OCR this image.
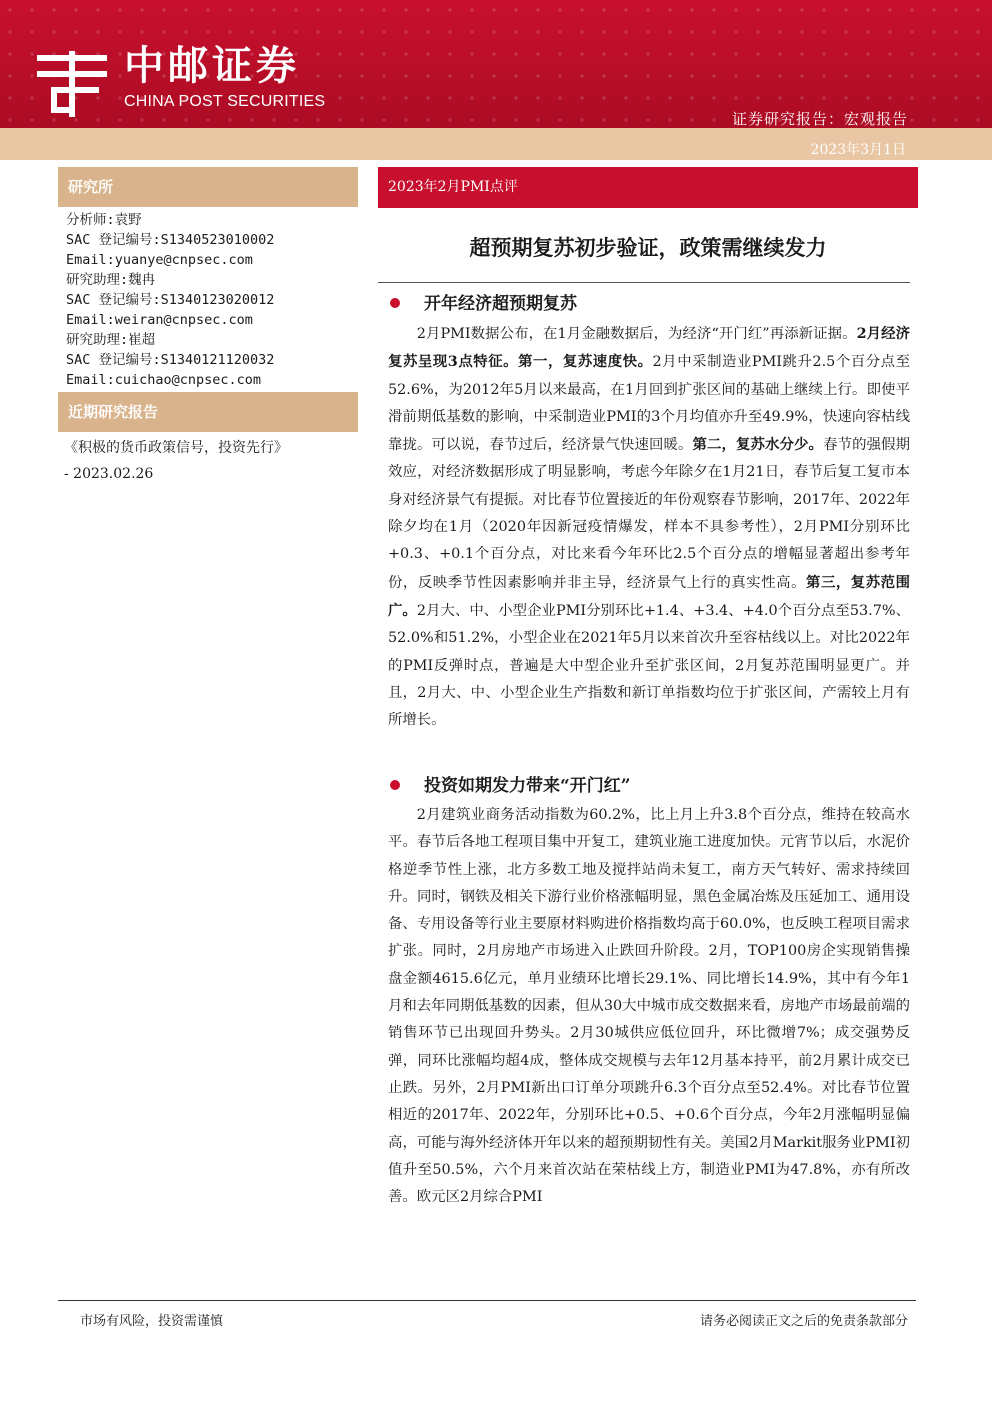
中邮证券
CHINA POST SECURITIES
证券研究报告：宏观报告
2023年3月1日
研究所
分析师:袁野
SAC 登记编号:S1340523010002
Email:yuanye@cnpsec.com
研究助理:魏冉
SAC 登记编号:S1340123020012
Email:weiran@cnpsec.com
研究助理:崔超
SAC 登记编号:S1340121120032
Email:cuichao@cnpsec.com
近期研究报告
《积极的货币政策信号，投资先行》
- 2023.02.26
2023年2月PMI点评
超预期复苏初步验证，政策需继续发力
开年经济超预期复苏
2月PMI数据公布，在1月金融数据后，为经济“开门红”再添新证据。2月经济复苏呈现3点特征。第一，复苏速度快。2月中采制造业PMI跳升2.5个百分点至52.6%，为2012年5月以来最高，在1月回到扩张区间的基础上继续上行。即使平滑前期低基数的影响，中采制造业PMI的3个月均值亦升至49.9%，快速向容枯线靠拢。可以说，春节过后，经济景气快速回暖。第二，复苏水分少。春节的强假期效应，对经济数据形成了明显影响，考虑今年除夕在1月21日，春节后复工复市本身对经济景气有提振。对比春节位置接近的年份观察春节影响，2017年、2022年除夕均在1月（2020年因新冠疫情爆发，样本不具参考性），2月PMI分别环比+0.3、+0.1个百分点，对比来看今年环比2.5个百分点的增幅显著超出参考年份，反映季节性因素影响并非主导，经济景气上行的真实性高。第三，复苏范围广。2月大、中、小型企业PMI分别环比+1.4、+3.4、+4.0个百分点至53.7%、52.0%和51.2%，小型企业在2021年5月以来首次升至容枯线以上。对比2022年的PMI反弹时点，普遍是大中型企业升至扩张区间，2月复苏范围明显更广。并且，2月大、中、小型企业生产指数和新订单指数均位于扩张区间，产需较上月有所增长。
投资如期发力带来“开门红”
2月建筑业商务活动指数为60.2%，比上月上升3.8个百分点，维持在较高水平。春节后各地工程项目集中开复工，建筑业施工进度加快。元宵节以后，水泥价格逆季节性上涨，北方多数工地及搅拌站尚未复工，南方天气转好、需求持续回升。同时，钢铁及相关下游行业价格涨幅明显，黑色金属冶炼及压延加工、通用设备、专用设备等行业主要原材料购进价格指数均高于60.0%，也反映工程项目需求扩张。同时，2月房地产市场进入止跌回升阶段。2月，TOP100房企实现销售操盘金额4615.6亿元，单月业绩环比增长29.1%、同比增长14.9%，其中有今年1月和去年同期低基数的因素，但从30大中城市成交数据来看，房地产市场最前端的销售环节已出现回升势头。2月30城供应低位回升，环比微增7%；成交强势反弹，同环比涨幅均超4成，整体成交规模与去年12月基本持平，前2月累计成交已止跌。另外，2月PMI新出口订单分项跳升6.3个百分点至52.4%。对比春节位置相近的2017年、2022年，分别环比+0.5、+0.6个百分点，今年2月涨幅明显偏高，可能与海外经济体开年以来的超预期韧性有关。美国2月Markit服务业PMI初值升至50.5%，六个月来首次站在荣枯线上方，制造业PMI为47.8%，亦有所改善。欧元区2月综合PMI
市场有风险，投资需谨慎	请务必阅读正文之后的免责条款部分
